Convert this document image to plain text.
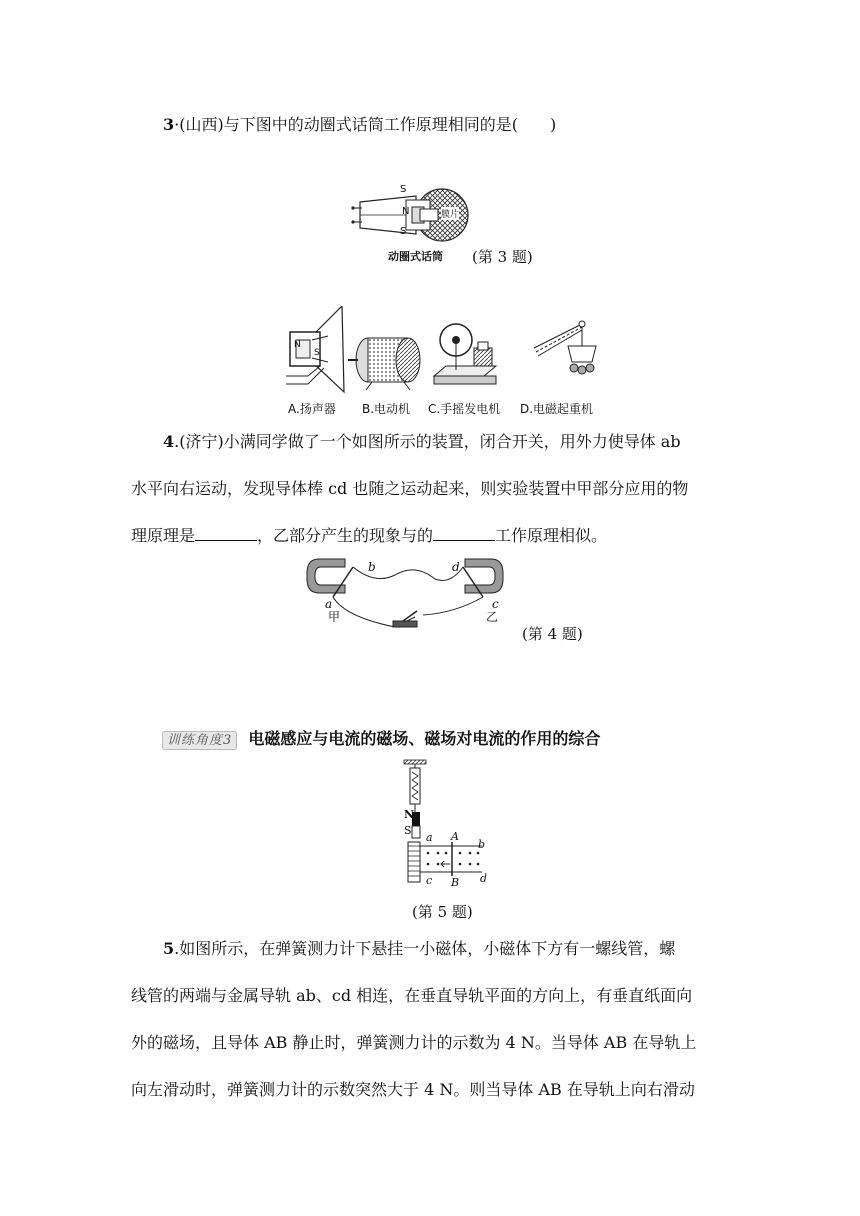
3·(山西)与下图中的动圈式话筒工作原理相同的是(　　)
S
N
S
膜片
动圈式话筒 (第 3 题)
N
S
A.扬声器 B.电动机 C.手摇发电机 D.电磁起重机
4.(济宁)小满同学做了一个如图所示的装置，闭合开关，用外力使导体 ab
水平向右运动，发现导体棒 cd 也随之运动起来，则实验装置中甲部分应用的物
理原理是	，乙部分产生的现象与的	工作原理相似。
b
a
甲
d
c
乙
(第 4 题)
训练角度3 电磁感应与电流的磁场、磁场对电流的作用的综合
N
S
a A
b
c B d
(第 5 题)
5.如图所示，在弹簧测力计下悬挂一小磁体，小磁体下方有一螺线管，螺
线管的两端与金属导轨 ab、cd 相连，在垂直导轨平面的方向上，有垂直纸面向
外的磁场，且导体 AB 静止时，弹簧测力计的示数为 4 N。当导体 AB 在导轨上
向左滑动时，弹簧测力计的示数突然大于 4 N。则当导体 AB 在导轨上向右滑动
